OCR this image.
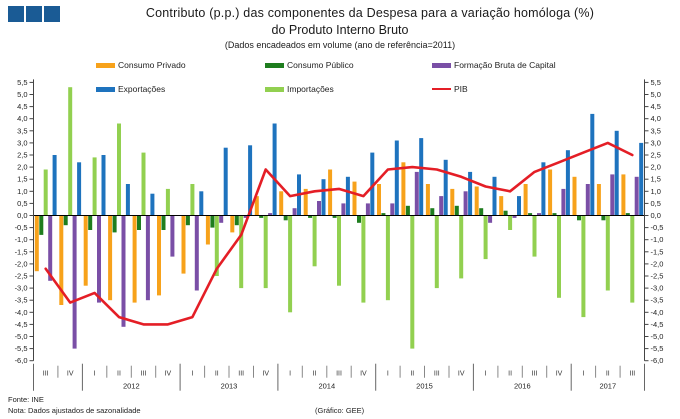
Contributo (p.p.) das componentes da Despesa para a variação homóloga (%)
do Produto Interno Bruto
(Dados encadeados em volume (ano de referência=2011)
Consumo Privado	Consumo Público	Formação Bruta de Capital
Exportações	Importações	PIB
-6,0	-6,0
-5,5	-5,5
-5,0	-5,0
-4,5	-4,5
-4,0	-4,0
-3,5	-3,5
-3,0	-3,0
-2,5	-2,5
-2,0	-2,0
-1,5	-1,5
-1,0	-1,0
-0,5	-0,5
0,0	0,0
0,5	0,5
1,0	1,0
1,5	1,5
2,0	2,0
2,5	2,5
3,0	3,0
3,5	3,5
4,0	4,0
4,5	4,5
5,0	5,0
5,5	5,5
III	IV	I	II	III	IV	I	II	III	IV	I	II	III	IV	I	II	III	IV	I	II	III	IV	I	II	III
2012	2013	2014	2015	2016	2017
Fonte: INE
Nota: Dados ajustados de sazonalidade	(Gráfico: GEE)
